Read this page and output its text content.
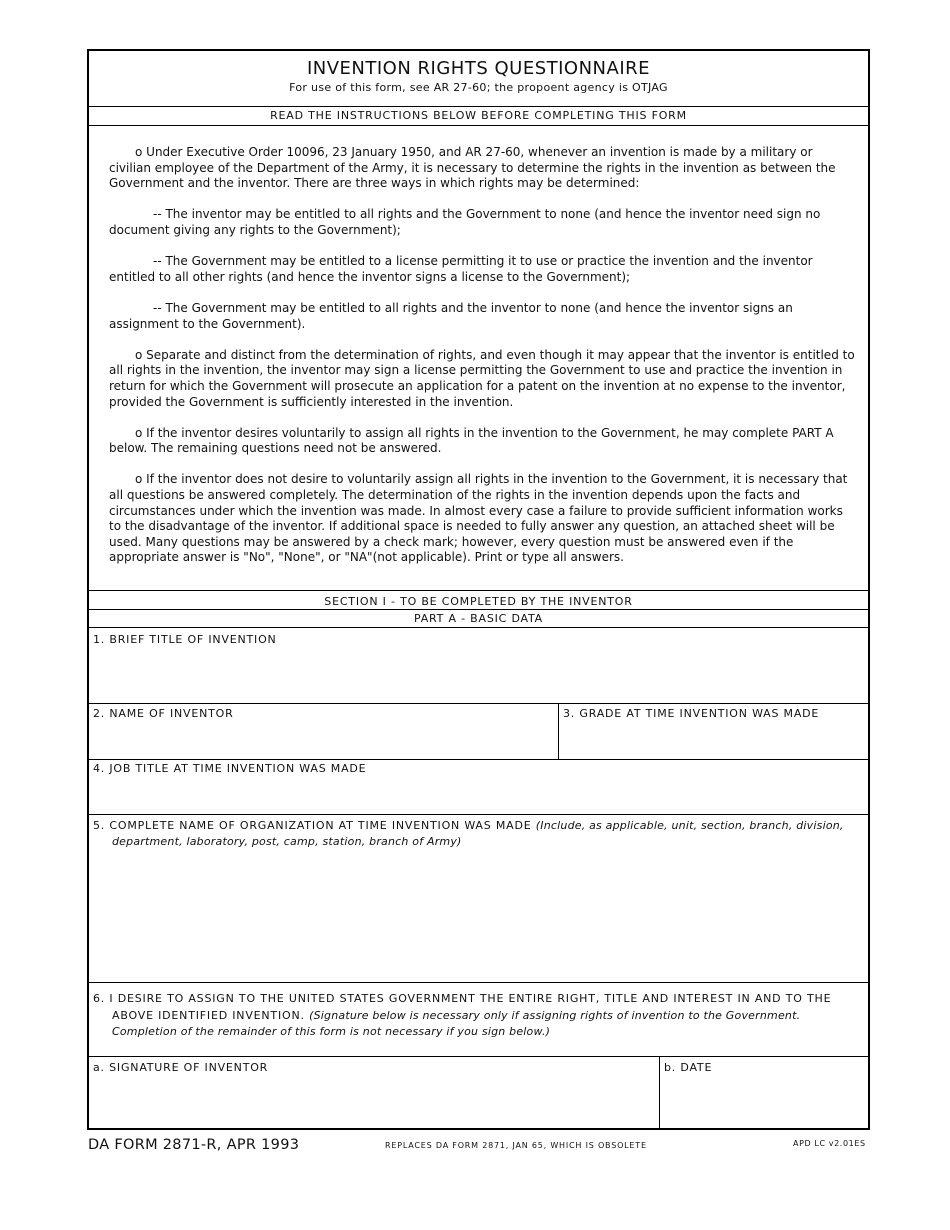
INVENTION RIGHTS QUESTIONNAIRE
For use of this form, see AR 27-60; the propoent agency is OTJAG
READ THE INSTRUCTIONS BELOW BEFORE COMPLETING THIS FORM

o Under Executive Order 10096, 23 January 1950, and AR 27-60, whenever an invention is made by a military or civilian employee of the Department of the Army, it is necessary to determine the rights in the invention as between the Government and the inventor. There are three ways in which rights may be determined:

-- The inventor may be entitled to all rights and the Government to none (and hence the inventor need sign no document giving any rights to the Government);

-- The Government may be entitled to a license permitting it to use or practice the invention and the inventor entitled to all other rights (and hence the inventor signs a license to the Government);

-- The Government may be entitled to all rights and the inventor to none (and hence the inventor signs an assignment to the Government).

o Separate and distinct from the determination of rights, and even though it may appear that the inventor is entitled to all rights in the invention, the inventor may sign a license permitting the Government to use and practice the invention in return for which the Government will prosecute an application for a patent on the invention at no expense to the inventor, provided the Government is sufficiently interested in the invention.

o If the inventor desires voluntarily to assign all rights in the invention to the Government, he may complete PART A below. The remaining questions need not be answered.

o If the inventor does not desire to voluntarily assign all rights in the invention to the Government, it is necessary that all questions be answered completely. The determination of the rights in the invention depends upon the facts and circumstances under which the invention was made. In almost every case a failure to provide sufficient information works to the disadvantage of the inventor. If additional space is needed to fully answer any question, an attached sheet will be used. Many questions may be answered by a check mark; however, every question must be answered even if the appropriate answer is "No", "None", or "NA"(not applicable). Print or type all answers.

SECTION I - TO BE COMPLETED BY THE INVENTOR
PART A - BASIC DATA
1. BRIEF TITLE OF INVENTION
2. NAME OF INVENTOR	3. GRADE AT TIME INVENTION WAS MADE
4. JOB TITLE AT TIME INVENTION WAS MADE
5. COMPLETE NAME OF ORGANIZATION AT TIME INVENTION WAS MADE (Include, as applicable, unit, section, branch, division, department, laboratory, post, camp, station, branch of Army)
6. I DESIRE TO ASSIGN TO THE UNITED STATES GOVERNMENT THE ENTIRE RIGHT, TITLE AND INTEREST IN AND TO THE ABOVE IDENTIFIED INVENTION. (Signature below is necessary only if assigning rights of invention to the Government. Completion of the remainder of this form is not necessary if you sign below.)
a. SIGNATURE OF INVENTOR	b. DATE
DA FORM 2871-R, APR 1993	REPLACES DA FORM 2871, JAN 65, WHICH IS OBSOLETE	APD LC v2.01ES
